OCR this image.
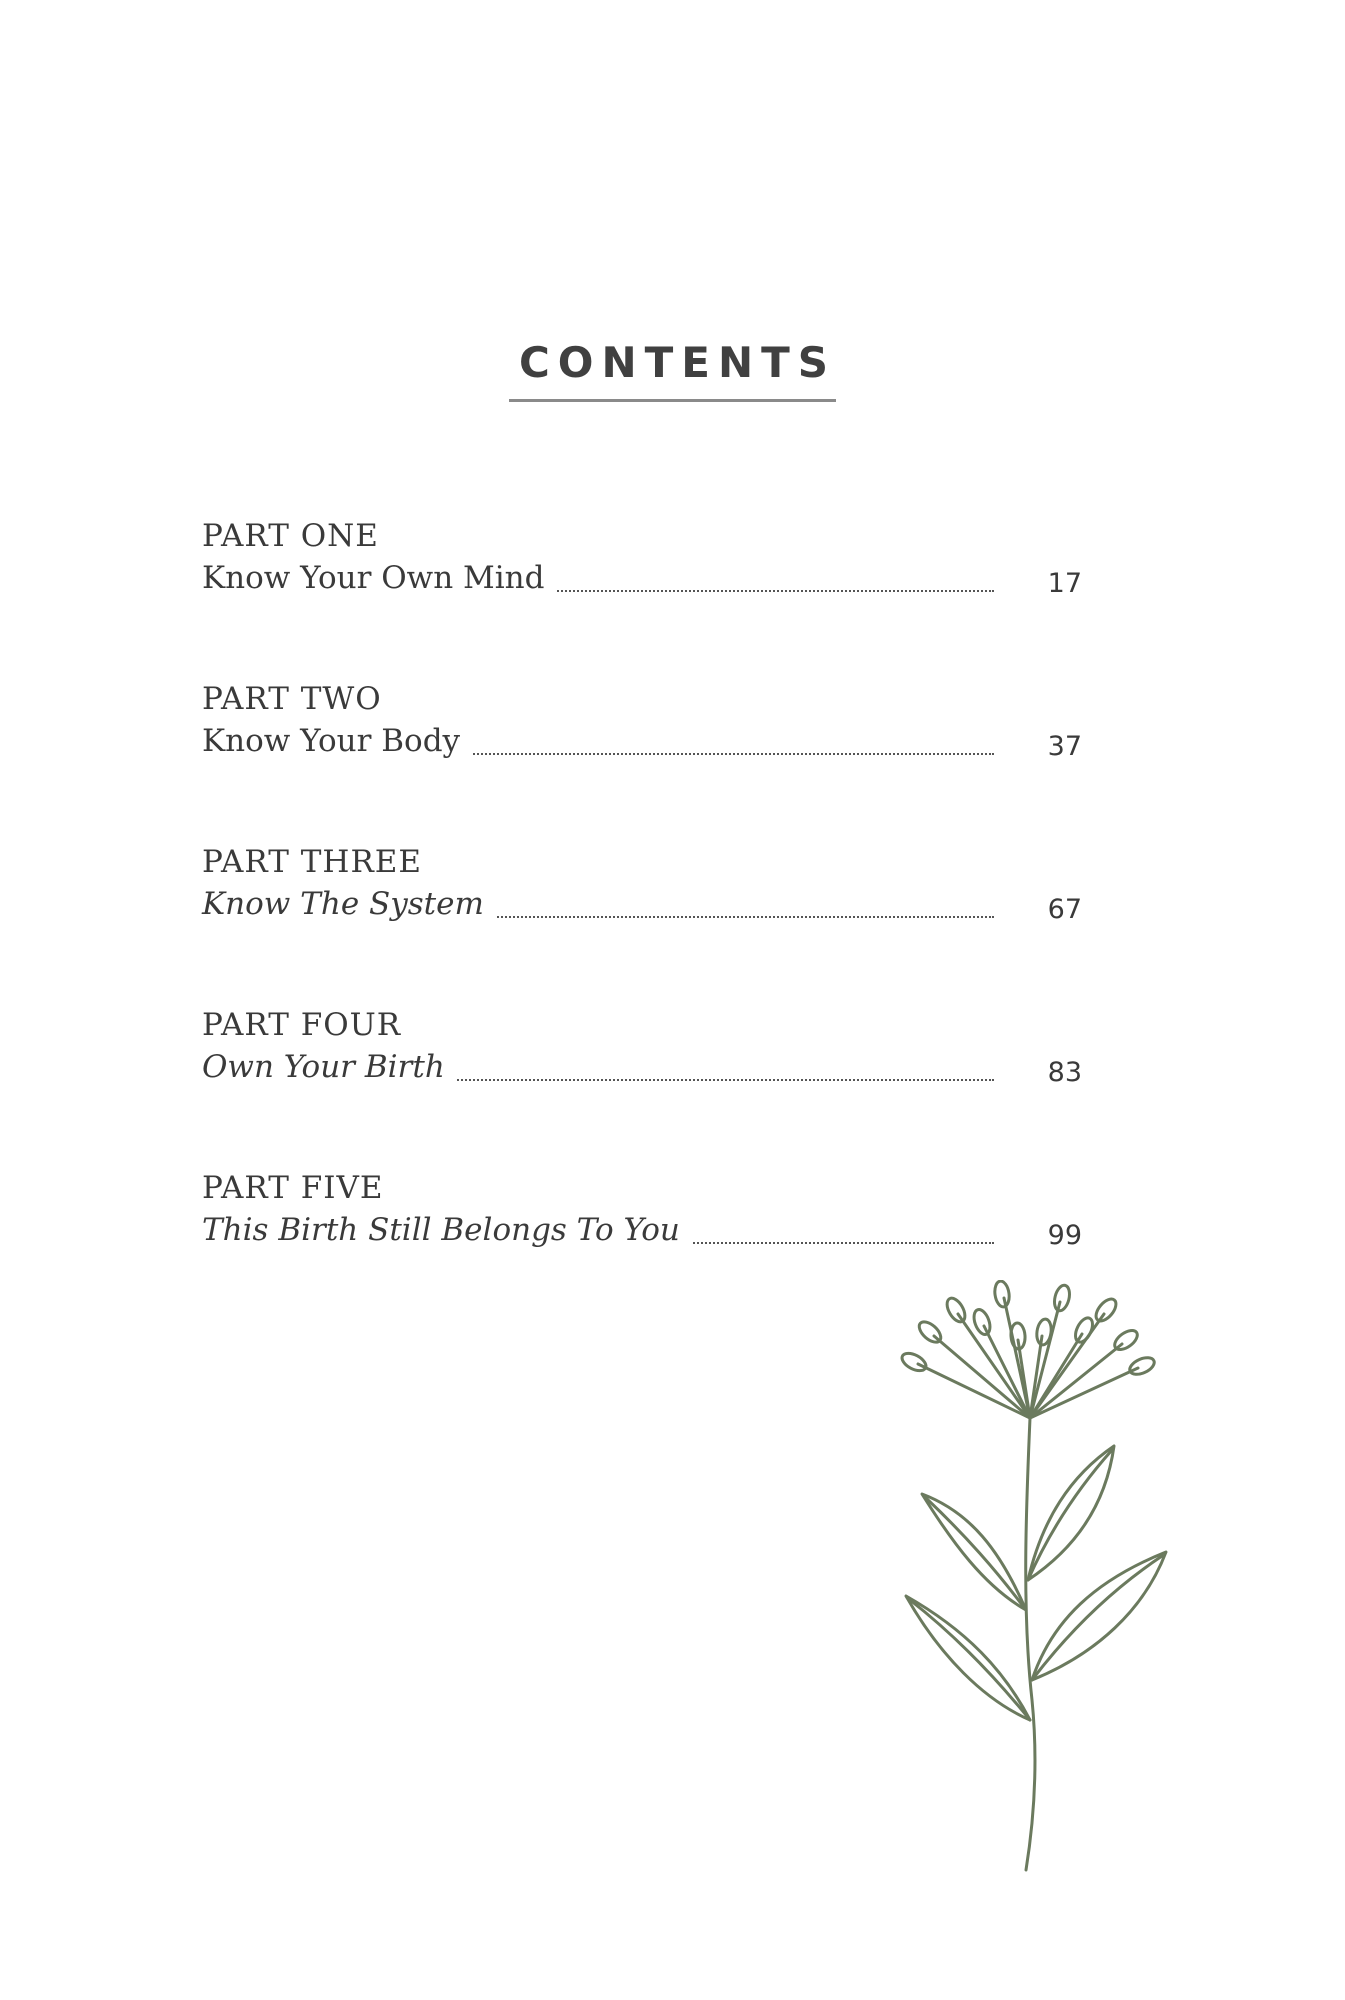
CONTENTS
PART ONE
Know Your Own Mind	17
PART TWO
Know Your Body	37
PART THREE
Know The System	67
PART FOUR
Own Your Birth	83
PART FIVE
This Birth Still Belongs To You	99
